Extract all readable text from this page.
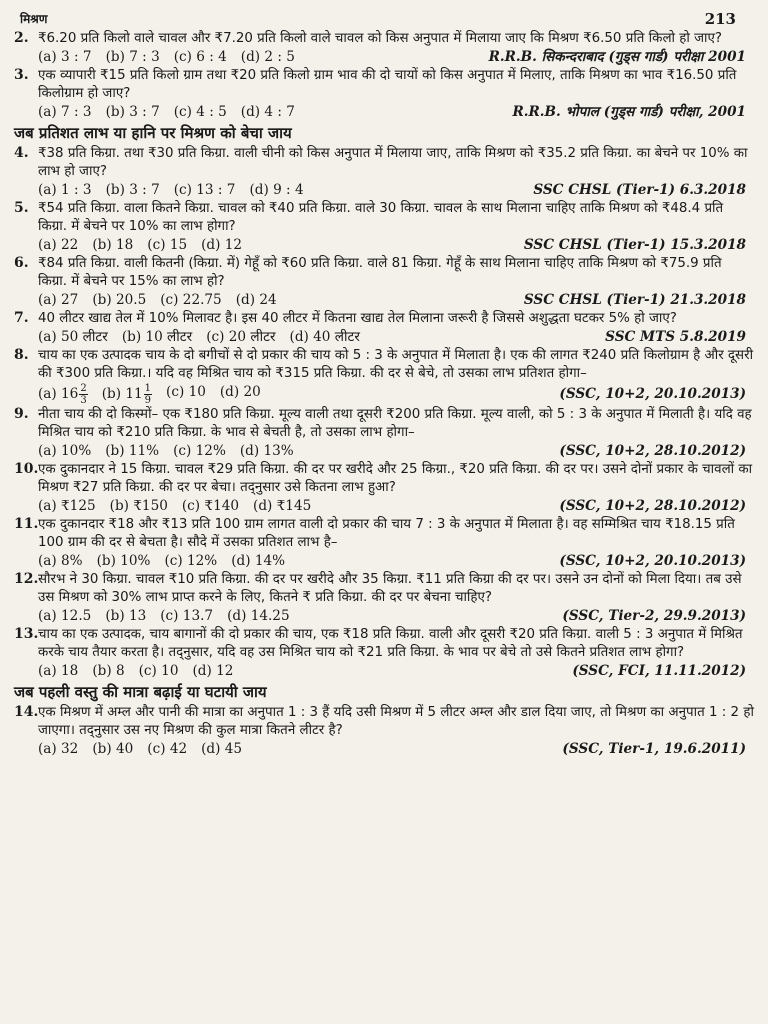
मिश्रण	213
2. ₹6.20 प्रति किलो वाले चावल और ₹7.20 प्रति किलो वाले चावल को किस अनुपात में मिलाया जाए कि मिश्रण ₹6.50 प्रति किलो हो जाए?
(a) 3 : 7 (b) 7 : 3 (c) 6 : 4 (d) 2 : 5	R.R.B. सिकन्दराबाद (गुड्स गार्ड) परीक्षा 2001
3. एक व्यापारी ₹15 प्रति किलो ग्राम तथा ₹20 प्रति किलो ग्राम भाव की दो चायों को किस अनुपात में मिलाए, ताकि मिश्रण का भाव ₹16.50 प्रति किलोग्राम हो जाए?
(a) 7 : 3 (b) 3 : 7 (c) 4 : 5 (d) 4 : 7	R.R.B. भोपाल (गुड्स गार्ड) परीक्षा, 2001
जब प्रतिशत लाभ या हानि पर मिश्रण को बेचा जाय
4. ₹38 प्रति किग्रा. तथा ₹30 प्रति किग्रा. वाली चीनी को किस अनुपात में मिलाया जाए, ताकि मिश्रण को ₹35.2 प्रति किग्रा. का बेचने पर 10% का लाभ हो जाए?
(a) 1 : 3 (b) 3 : 7 (c) 13 : 7 (d) 9 : 4	SSC CHSL (Tier-1) 6.3.2018
5. ₹54 प्रति किग्रा. वाला कितने किग्रा. चावल को ₹40 प्रति किग्रा. वाले 30 किग्रा. चावल के साथ मिलाना चाहिए ताकि मिश्रण को ₹48.4 प्रति किग्रा. में बेचने पर 10% का लाभ होगा?
(a) 22 (b) 18 (c) 15 (d) 12	SSC CHSL (Tier-1) 15.3.2018
6. ₹84 प्रति किग्रा. वाली कितनी (किग्रा. में) गेहूँ को ₹60 प्रति किग्रा. वाले 81 किग्रा. गेहूँ के साथ मिलाना चाहिए ताकि मिश्रण को ₹75.9 प्रति किग्रा. में बेचने पर 15% का लाभ हो?
(a) 27 (b) 20.5 (c) 22.75 (d) 24	SSC CHSL (Tier-1) 21.3.2018
7. 40 लीटर खाद्य तेल में 10% मिलावट है। इस 40 लीटर में कितना खाद्य तेल मिलाना जरूरी है जिससे अशुद्धता घटकर 5% हो जाए?
(a) 50 लीटर (b) 10 लीटर (c) 20 लीटर (d) 40 लीटर	SSC MTS 5.8.2019
8. चाय का एक उत्पादक चाय के दो बगीचों से दो प्रकार की चाय को 5 : 3 के अनुपात में मिलाता है। एक की लागत ₹240 प्रति किलोग्राम है और दूसरी की ₹300 प्रति किग्रा.। यदि वह मिश्रित चाय को ₹315 प्रति किग्रा. की दर से बेचे, तो उसका लाभ प्रतिशत होगा–
(a) $16 \frac{2}{3} (b)$ $11 \frac{1}{9} (c)$ 10 (d) 20	(SSC, 10+2, 20.10.2013)
9. नीता चाय की दो किस्मों– एक ₹180 प्रति किग्रा. मूल्य वाली तथा दूसरी ₹200 प्रति किग्रा. मूल्य वाली, को 5 : 3 के अनुपात में मिलाती है। यदि वह मिश्रित चाय को ₹210 प्रति किग्रा. के भाव से बेचती है, तो उसका लाभ होगा–
(a) 10% (b) 11% (c) 12% (d) 13%	(SSC, 10+2, 28.10.2012)
10. एक दुकानदार ने 15 किग्रा. चावल ₹29 प्रति किग्रा. की दर पर खरीदे और 25 किग्रा., ₹20 प्रति किग्रा. की दर पर। उसने दोनों प्रकार के चावलों का मिश्रण ₹27 प्रति किग्रा. की दर पर बेचा। तद्नुसार उसे कितना लाभ हुआ?
(a) ₹125 (b) ₹150 (c) ₹140 (d) ₹145	(SSC, 10+2, 28.10.2012)
11. एक दुकानदार ₹18 और ₹13 प्रति 100 ग्राम लागत वाली दो प्रकार की चाय 7 : 3 के अनुपात में मिलाता है। वह सम्मिश्रित चाय ₹18.15 प्रति 100 ग्राम की दर से बेचता है। सौदे में उसका प्रतिशत लाभ है–
(a) 8% (b) 10% (c) 12% (d) 14%	(SSC, 10+2, 20.10.2013)
12. सौरभ ने 30 किग्रा. चावल ₹10 प्रति किग्रा. की दर पर खरीदे और 35 किग्रा. ₹11 प्रति किग्रा की दर पर। उसने उन दोनों को मिला दिया। तब उसे उस मिश्रण को 30% लाभ प्राप्त करने के लिए, कितने ₹ प्रति किग्रा. की दर पर बेचना चाहिए?
(a) 12.5 (b) 13 (c) 13.7 (d) 14.25	(SSC, Tier-2, 29.9.2013)
13. चाय का एक उत्पादक, चाय बागानों की दो प्रकार की चाय, एक ₹18 प्रति किग्रा. वाली और दूसरी ₹20 प्रति किग्रा. वाली 5 : 3 अनुपात में मिश्रित करके चाय तैयार करता है। तद्नुसार, यदि वह उस मिश्रित चाय को ₹21 प्रति किग्रा. के भाव पर बेचे तो उसे कितने प्रतिशत लाभ होगा?
(a) 18 (b) 8 (c) 10 (d) 12	(SSC, FCI, 11.11.2012)
जब पहली वस्तु की मात्रा बढ़ाई या घटायी जाय
14. एक मिश्रण में अम्ल और पानी की मात्रा का अनुपात 1 : 3 हैं यदि उसी मिश्रण में 5 लीटर अम्ल और डाल दिया जाए, तो मिश्रण का अनुपात 1 : 2 हो जाएगा। तद्नुसार उस नए मिश्रण की कुल मात्रा कितने लीटर है?
(a) 32 (b) 40 (c) 42 (d) 45	(SSC, Tier-1, 19.6.2011)
